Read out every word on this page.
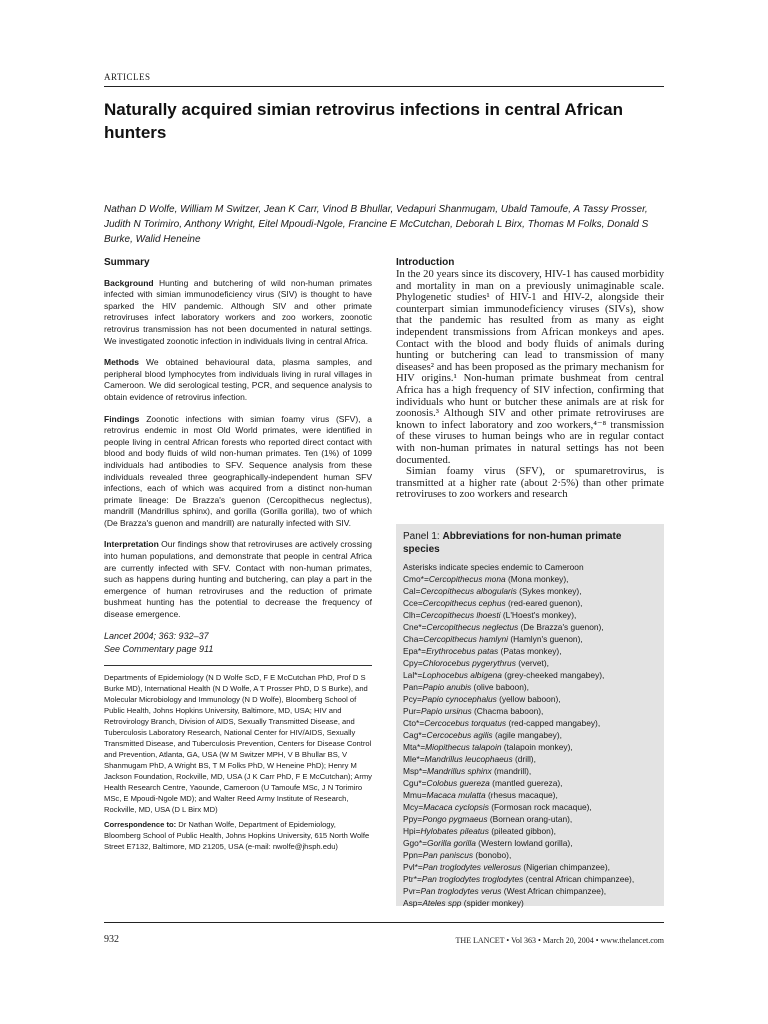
ARTICLES
Naturally acquired simian retrovirus infections in central African hunters
Nathan D Wolfe, William M Switzer, Jean K Carr, Vinod B Bhullar, Vedapuri Shanmugam, Ubald Tamoufe, A Tassy Prosser, Judith N Torimiro, Anthony Wright, Eitel Mpoudi-Ngole, Francine E McCutchan, Deborah L Birx, Thomas M Folks, Donald S Burke, Walid Heneine
Summary

Background Hunting and butchering of wild non-human primates infected with simian immunodeficiency virus (SIV) is thought to have sparked the HIV pandemic. Although SIV and other primate retroviruses infect laboratory workers and zoo workers, zoonotic retrovirus transmission has not been documented in natural settings. We investigated zoonotic infection in individuals living in central Africa.

Methods We obtained behavioural data, plasma samples, and peripheral blood lymphocytes from individuals living in rural villages in Cameroon. We did serological testing, PCR, and sequence analysis to obtain evidence of retrovirus infection.

Findings Zoonotic infections with simian foamy virus (SFV), a retrovirus endemic in most Old World primates, were identified in people living in central African forests who reported direct contact with blood and body fluids of wild non-human primates. Ten (1%) of 1099 individuals had antibodies to SFV. Sequence analysis from these individuals revealed three geographically-independent human SFV infections, each of which was acquired from a distinct non-human primate lineage: De Brazza's guenon (Cercopithecus neglectus), mandrill (Mandrillus sphinx), and gorilla (Gorilla gorilla), two of which (De Brazza's guenon and mandrill) are naturally infected with SIV.

Interpretation Our findings show that retroviruses are actively crossing into human populations, and demonstrate that people in central Africa are currently infected with SFV. Contact with non-human primates, such as happens during hunting and butchering, can play a part in the emergence of human retroviruses and the reduction of primate bushmeat hunting has the potential to decrease the frequency of disease emergence.

Lancet 2004; 363: 932–37
See Commentary page 911
Departments of Epidemiology (N D Wolfe ScD, F E McCutchan PhD, Prof D S Burke MD), International Health (N D Wolfe, A T Prosser PhD, D S Burke), and Molecular Microbiology and Immunology (N D Wolfe), Bloomberg School of Public Health, Johns Hopkins University, Baltimore, MD, USA; HIV and Retrovirology Branch, Division of AIDS, Sexually Transmitted Disease, and Tuberculosis Laboratory Research, National Center for HIV/AIDS, Sexually Transmitted Disease, and Tuberculosis Prevention, Centers for Disease Control and Prevention, Atlanta, GA, USA (W M Switzer MPH, V B Bhullar BS, V Shanmugam PhD, A Wright BS, T M Folks PhD, W Heneine PhD); Henry M Jackson Foundation, Rockville, MD, USA (J K Carr PhD, F E McCutchan); Army Health Research Centre, Yaounde, Cameroon (U Tamoufe MSc, J N Torimiro MSc, E Mpoudi-Ngole MD); and Walter Reed Army Institute of Research, Rockville, MD, USA (D L Birx MD)
Correspondence to: Dr Nathan Wolfe, Department of Epidemiology, Bloomberg School of Public Health, Johns Hopkins University, 615 North Wolfe Street E7132, Baltimore, MD 21205, USA (e-mail: nwolfe@jhsph.edu)
Introduction

In the 20 years since its discovery, HIV-1 has caused morbidity and mortality in man on a previously unimaginable scale. Phylogenetic studies¹ of HIV-1 and HIV-2, alongside their counterpart simian immunodeficiency viruses (SIVs), show that the pandemic has resulted from as many as eight independent transmissions from African monkeys and apes. Contact with the blood and body fluids of animals during hunting or butchering can lead to transmission of many diseases² and has been proposed as the primary mechanism for HIV origins.¹ Non-human primate bushmeat from central Africa has a high frequency of SIV infection, confirming that individuals who hunt or butcher these animals are at risk for zoonosis.³ Although SIV and other primate retroviruses are known to infect laboratory and zoo workers,⁴⁻⁸ transmission of these viruses to human beings who are in regular contact with non-human primates in natural settings has not been documented.

Simian foamy virus (SFV), or spumaretrovirus, is transmitted at a higher rate (about 2·5%) than other primate retroviruses to zoo workers and research

Panel 1: Abbreviations for non-human primate species
Asterisks indicate species endemic to Cameroon
Cmo*=Cercopithecus mona (Mona monkey),
Cal=Cercopithecus albogularis (Sykes monkey),
Cce=Cercopithecus cephus (red-eared guenon),
Clh=Cercopithecus lhoesti (L'Hoest's monkey),
Cne*=Cercopithecus neglectus (De Brazza's guenon),
Cha=Cercopithecus hamlyni (Hamlyn's guenon),
Epa*=Erythrocebus patas (Patas monkey),
Cpy=Chlorocebus pygerythrus (vervet),
Lal*=Lophocebus albigena (grey-cheeked mangabey),
Pan=Papio anubis (olive baboon),
Pcy=Papio cynocephalus (yellow baboon),
Pur=Papio ursinus (Chacma baboon),
Cto*=Cercocebus torquatus (red-capped mangabey),
Cag*=Cercocebus agilis (agile mangabey),
Mta*=Miopithecus talapoin (talapoin monkey),
Mle*=Mandrillus leucophaeus (drill),
Msp*=Mandrillus sphinx (mandrill),
Cgu*=Colobus guereza (mantled guereza),
Mmu=Macaca mulatta (rhesus macaque),
Mcy=Macaca cyclopsis (Formosan rock macaque),
Ppy=Pongo pygmaeus (Bornean orang-utan),
Hpi=Hylobates pileatus (pileated gibbon),
Ggo*=Gorilla gorilla (Western lowland gorilla),
Ppn=Pan paniscus (bonobo),
Pvl*=Pan troglodytes vellerosus (Nigerian chimpanzee),
Ptr*=Pan troglodytes troglodytes (central African chimpanzee),
Pvr=Pan troglodytes verus (West African chimpanzee),
Asp=Ateles spp (spider monkey)
932	THE LANCET • Vol 363 • March 20, 2004 • www.thelancet.com
